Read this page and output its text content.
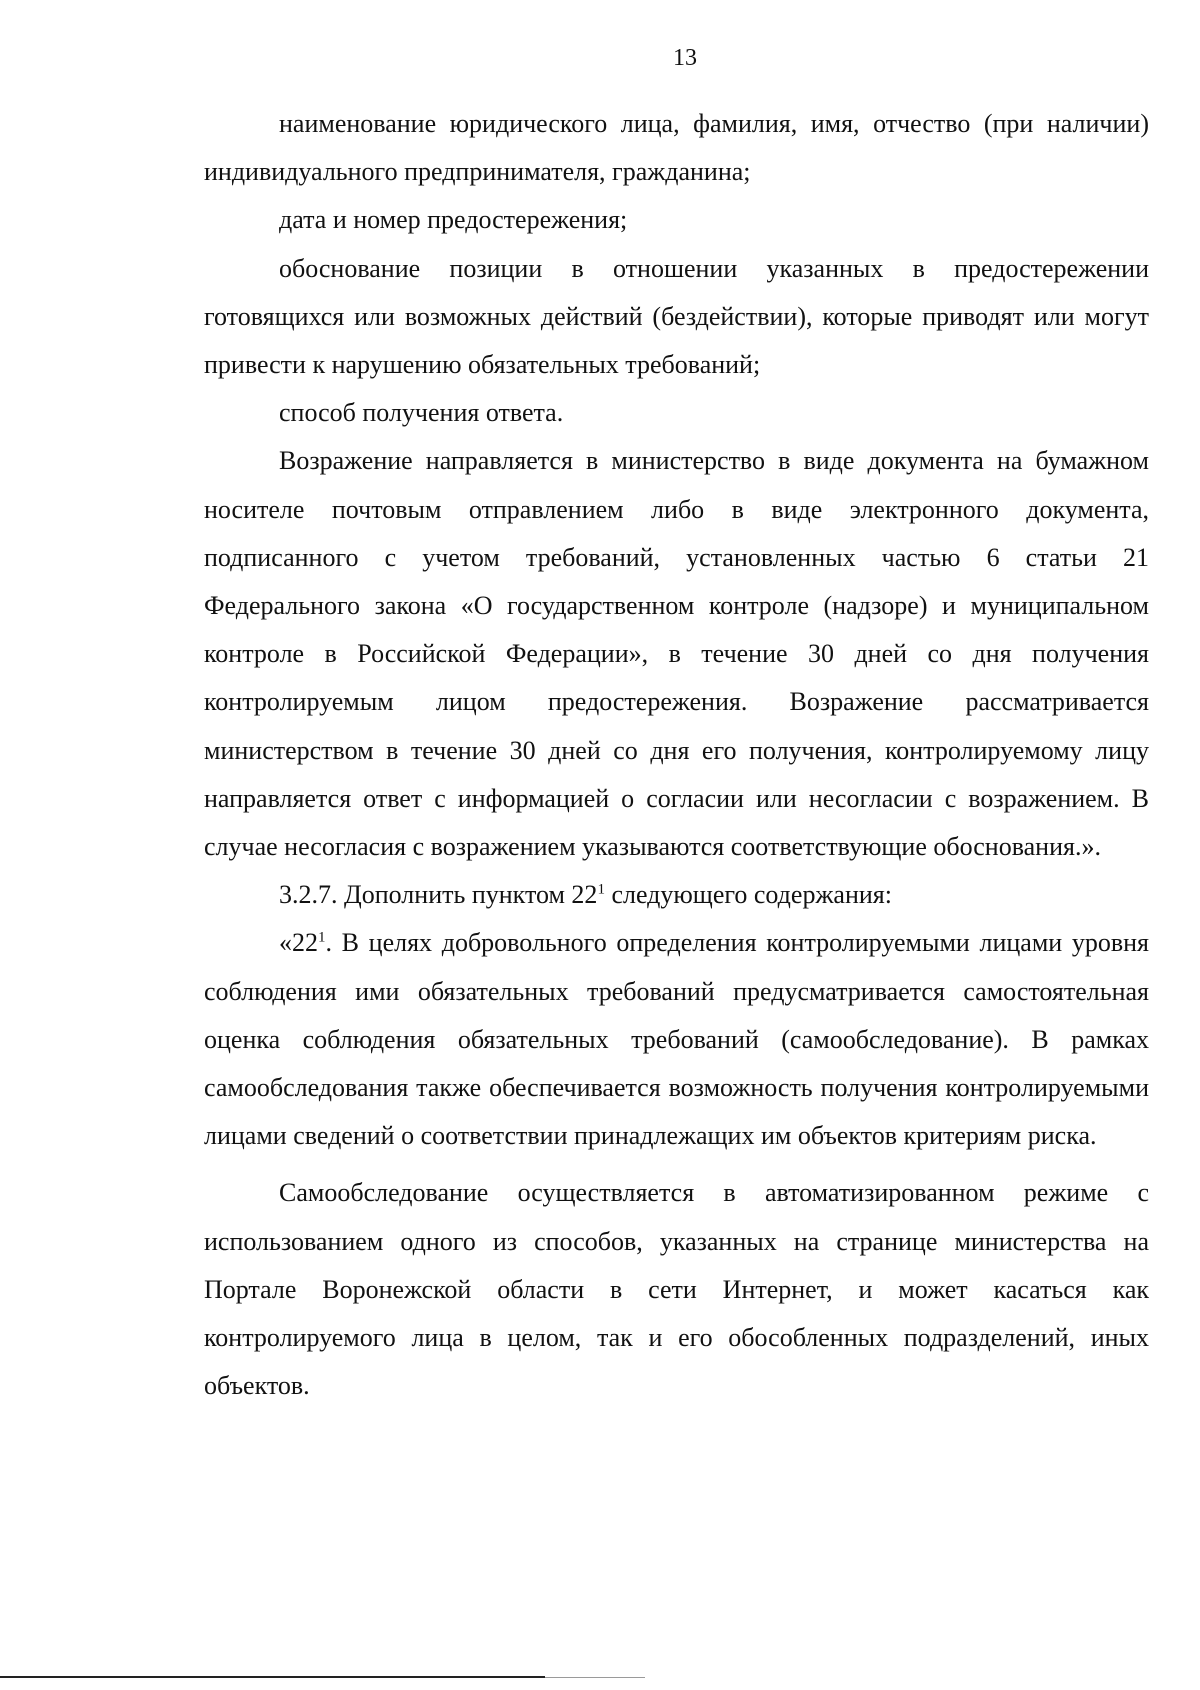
13

наименование юридического лица, фамилия, имя, отчество (при наличии) индивидуального предпринимателя, гражданина;

дата и номер предостережения;

обоснование позиции в отношении указанных в предостережении готовящихся или возможных действий (бездействии), которые приводят или могут привести к нарушению обязательных требований;

способ получения ответа.

Возражение направляется в министерство в виде документа на бумажном носителе почтовым отправлением либо в виде электронного документа, подписанного с учетом требований, установленных частью 6 статьи 21 Федерального закона «О государственном контроле (надзоре) и муниципальном контроле в Российской Федерации», в течение 30 дней со дня получения контролируемым лицом предостережения. Возражение рассматривается министерством в течение 30 дней со дня его получения, контролируемому лицу направляется ответ с информацией о согласии или несогласии с возражением. В случае несогласия с возражением указываются соответствующие обоснования.».

3.2.7. Дополнить пунктом $22^1$ следующего содержания:

«$22^1$. В целях добровольного определения контролируемыми лицами уровня соблюдения ими обязательных требований предусматривается самостоятельная оценка соблюдения обязательных требований (самообследование). В рамках самообследования также обеспечивается возможность получения контролируемыми лицами сведений о соответствии принадлежащих им объектов критериям риска.

Самообследование осуществляется в автоматизированном режиме с использованием одного из способов, указанных на странице министерства на Портале Воронежской области в сети Интернет, и может касаться как контролируемого лица в целом, так и его обособленных подразделений, иных объектов.
